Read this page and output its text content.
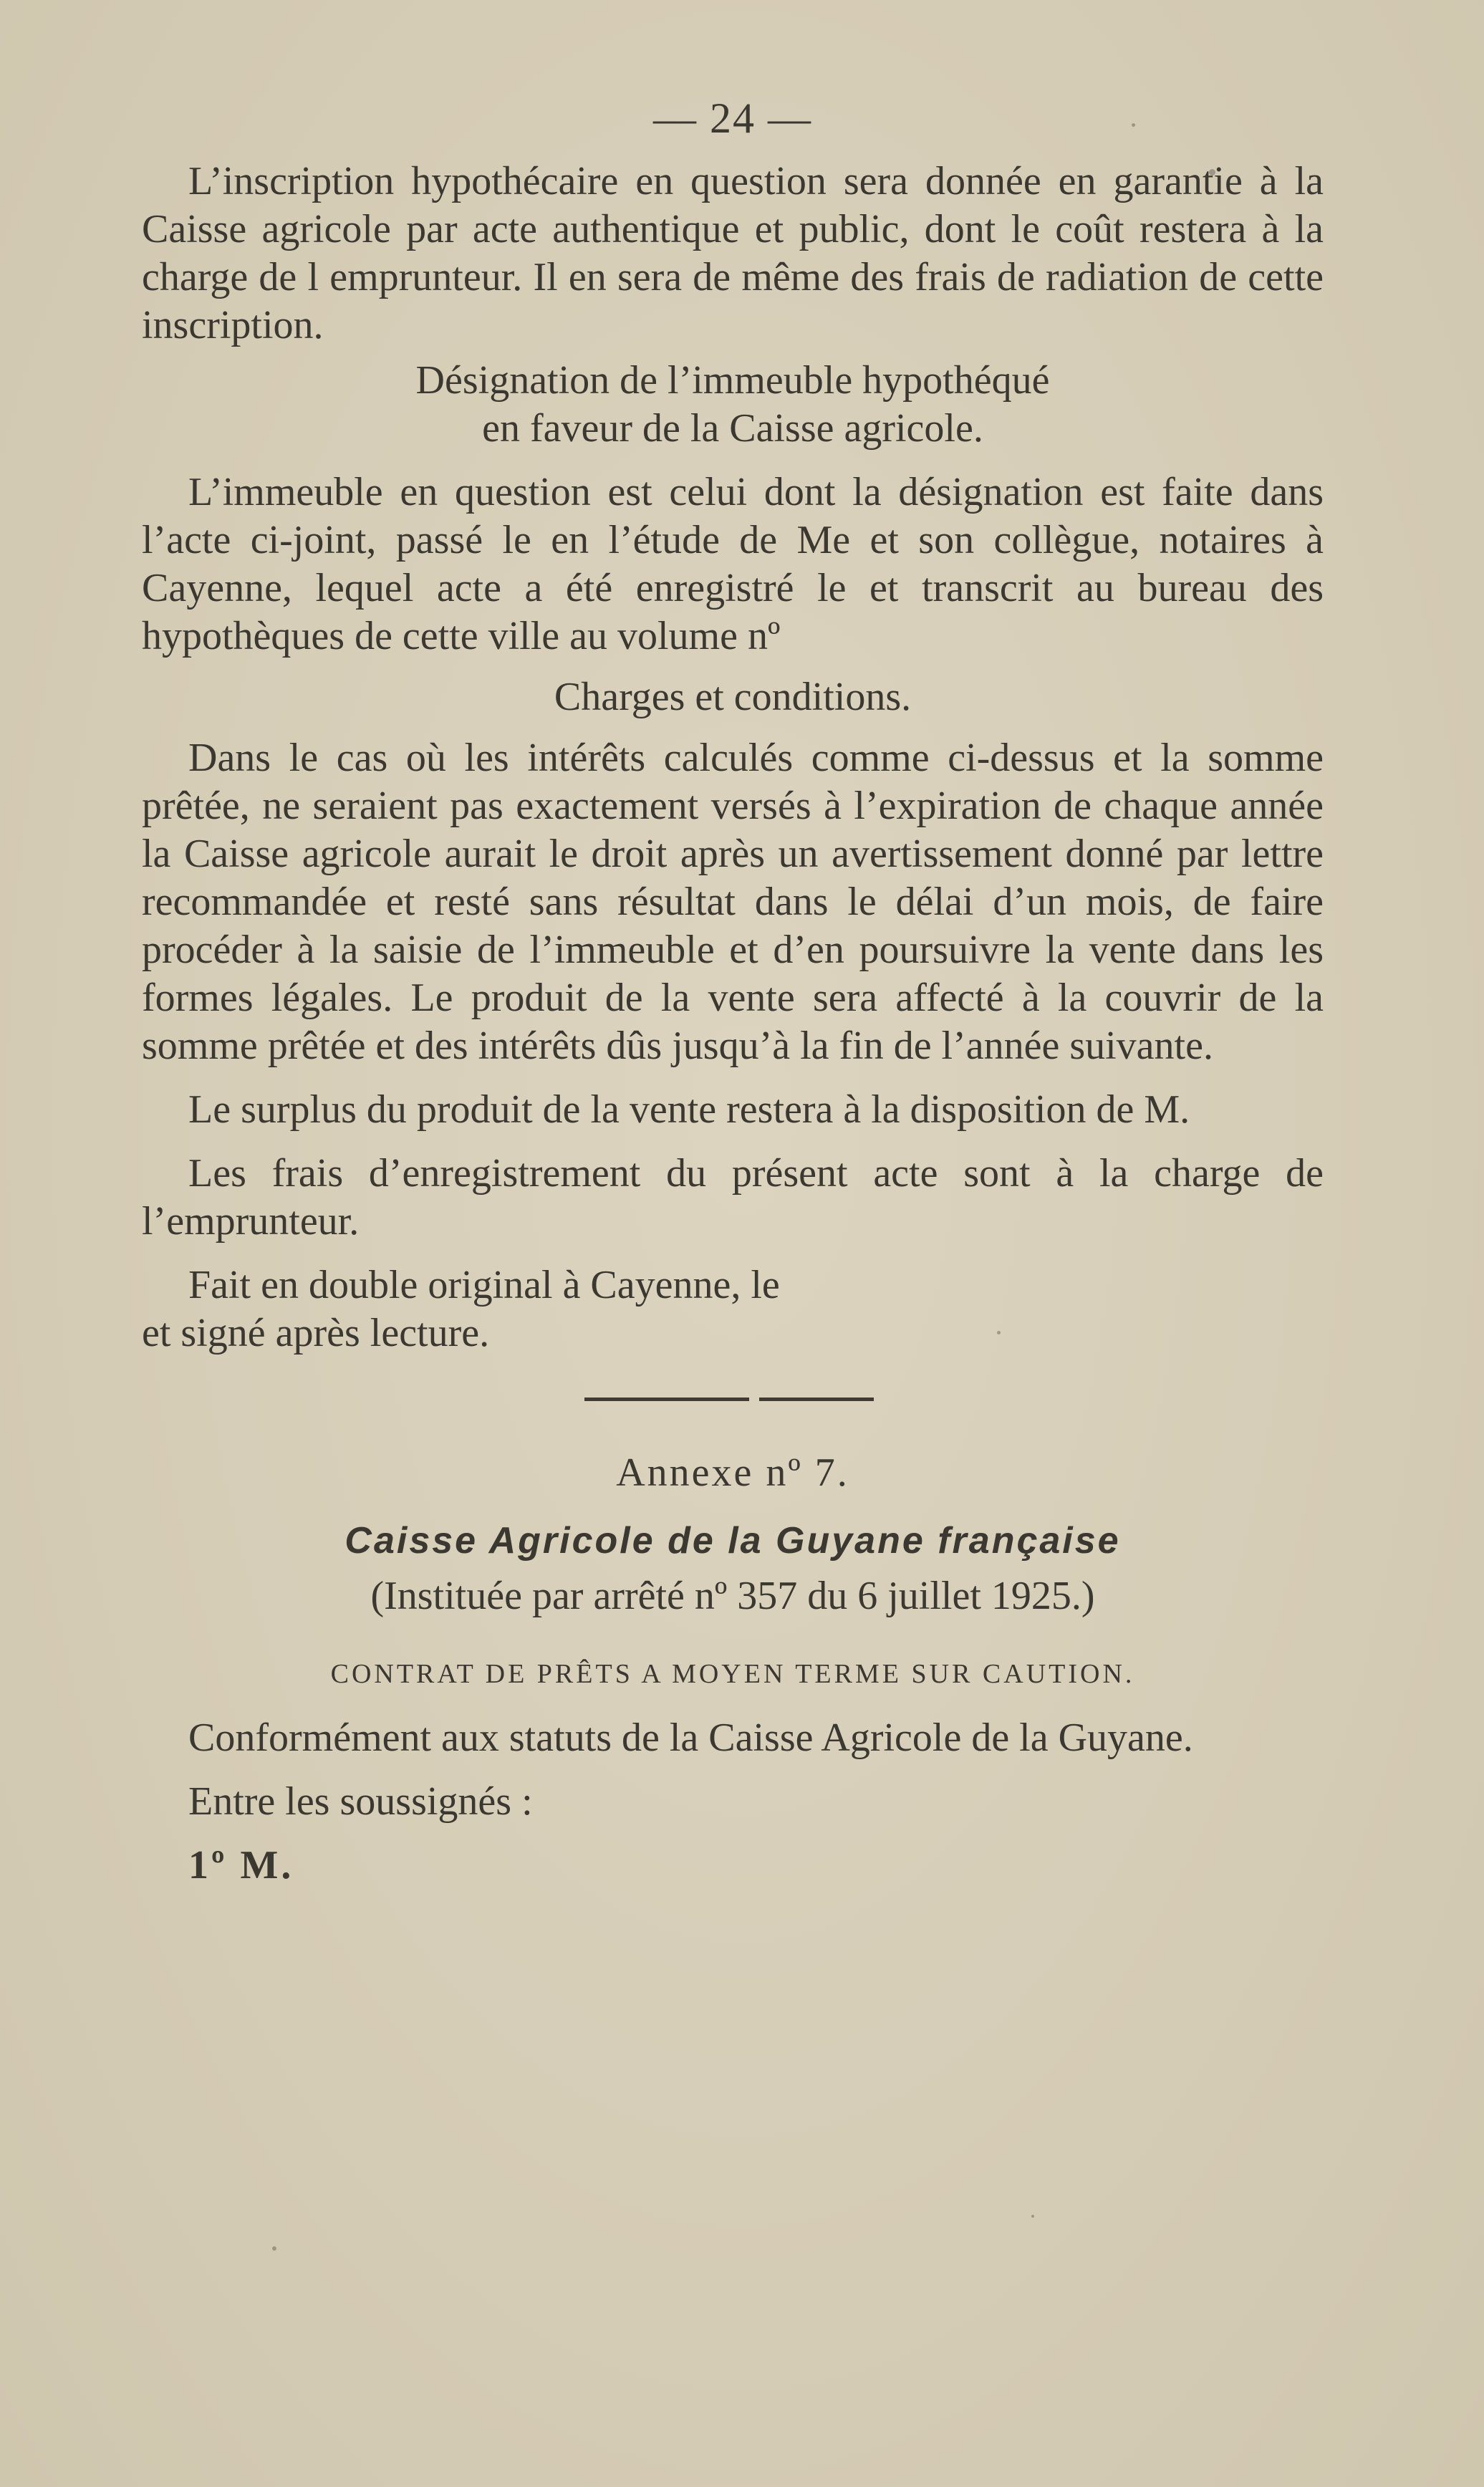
— 24 —

L’inscription hypothécaire en question sera donnée en garantie à la Caisse agricole par acte authentique et public, dont le coût restera à la charge de l emprunteur. Il en sera de même des frais de radiation de cette inscription.

Désignation de l’immeuble hypothéqué

en faveur de la Caisse agricole.

L’immeuble en question est celui dont la désignation est faite dans l’acte ci-joint, passé le en l’étude de Me et son collègue, notaires à Cayenne, lequel acte a été enregistré le et transcrit au bureau des hypothèques de cette ville au volume nº

Charges et conditions.

Dans le cas où les intérêts calculés comme ci-dessus et la somme prêtée, ne seraient pas exactement versés à l’expiration de chaque année la Caisse agricole aurait le droit après un avertissement donné par lettre recommandée et resté sans résultat dans le délai d’un mois, de faire procéder à la saisie de l’immeuble et d’en poursuivre la vente dans les formes légales. Le produit de la vente sera affecté à la couvrir de la somme prêtée et des intérêts dûs jusqu’à la fin de l’année suivante.

Le surplus du produit de la vente restera à la disposition de M.

Les frais d’enregistrement du présent acte sont à la charge de l’emprunteur.

Fait en double original à Cayenne, le

et signé après lecture.

Annexe nº 7.
Caisse Agricole de la Guyane française
(Instituée par arrêté nº 357 du 6 juillet 1925.)
CONTRAT DE PRÊTS A MOYEN TERME SUR CAUTION.

Conformément aux statuts de la Caisse Agricole de la Guyane.

Entre les soussignés :

1º M.
